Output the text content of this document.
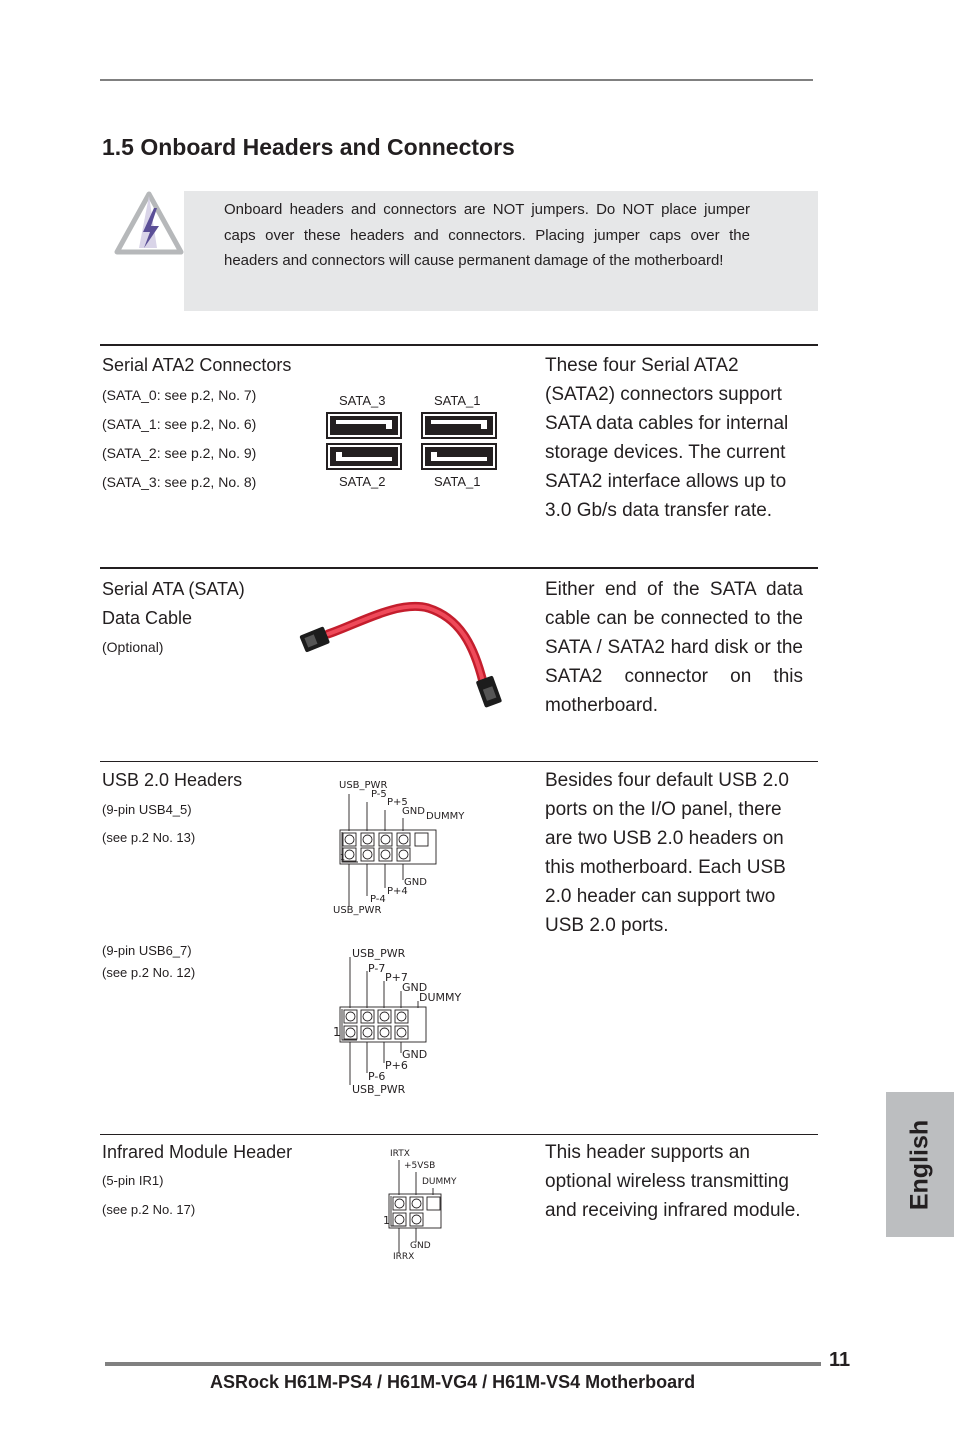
1.5 Onboard Headers and Connectors
Onboard headers and connectors are NOT jumpers. Do NOT place jumper caps over these headers and connectors. Placing jumper caps over the headers and connectors will cause permanent damage of the motherboard!
Serial ATA2 Connectors
(SATA_0: see p.2, No. 7)
(SATA_1: see p.2, No. 6)
(SATA_2: see p.2, No. 9)
(SATA_3: see p.2, No. 8)
SATA_3	SATA_1
SATA_2	SATA_1
These four Serial ATA2 (SATA2) connectors support SATA data cables for internal storage devices. The current SATA2 interface allows up to 3.0 Gb/s data transfer rate.
Serial ATA (SATA)
Data Cable
(Optional)
Either end of the SATA data cable can be connected to the SATA / SATA2 hard disk or the SATA2 connector on this motherboard.
USB 2.0 Headers
(9-pin USB4_5)
(see p.2 No. 13)
(9-pin USB6_7)
(see p.2 No. 12)
USB_PWR
P-5
P+5
GND DUMMY
1
GND
P+4
P-4
USB_PWR
USB_PWR
P-7
P+7
GND
DUMMY
1
GND
P+6
P-6
USB_PWR
Besides four default USB 2.0 ports on the I/O panel, there are two USB 2.0 headers on this motherboard. Each USB 2.0 header can support two USB 2.0 ports.
Infrared Module Header
(5-pin IR1)
(see p.2 No. 17)
IRTX
+5VSB
DUMMY
1
GND
IRRX
This header supports an optional wireless transmitting and receiving infrared module.
English
11
ASRock H61M-PS4 / H61M-VG4 / H61M-VS4 Motherboard
